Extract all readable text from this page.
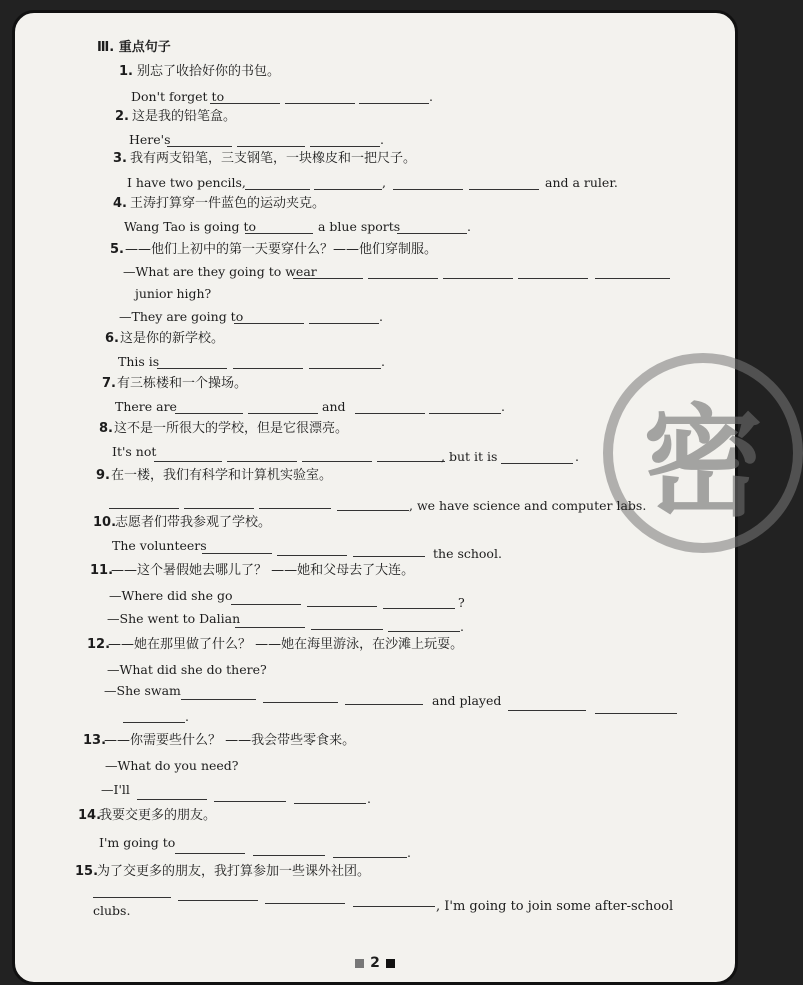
密
Ⅲ. 重点句子
1. 别忘了收拾好你的书包。
Don't forget to	.
2. 这是我的铅笔盒。
Here's	.
3. 我有两支铅笔，三支钢笔，一块橡皮和一把尺子。
I have two pencils,	,	and a ruler.
4. 王涛打算穿一件蓝色的运动夹克。
Wang Tao is going to	a blue sports	.
5. ——他们上初中的第一天要穿什么？——他们穿制服。
—What are they going to wear
junior high?
—They are going to	.
6. 这是你的新学校。
This is	.
7. 有三栋楼和一个操场。
There are	and	.
8. 这不是一所很大的学校，但是它很漂亮。
It's not	, but it is	.
9. 在一楼，我们有科学和计算机实验室。
, we have science and computer labs.
10.
志愿者们带我参观了学校。
The volunteers
the school.
11.
——这个暑假她去哪儿了？ ——她和父母去了大连。
—Where did she go	?
—She went to Dalian
.
12.
——她在那里做了什么？ ——她在海里游泳，在沙滩上玩耍。
—What did she do there?
—She swam
and played
.
13.
——你需要些什么？ ——我会带些零食来。
—What do you need?
—I'll
.
14.
我要交更多的朋友。
I'm going to
.
15.
为了交更多的朋友，我打算参加一些课外社团。
, I'm going to join some after-school
clubs.
2
